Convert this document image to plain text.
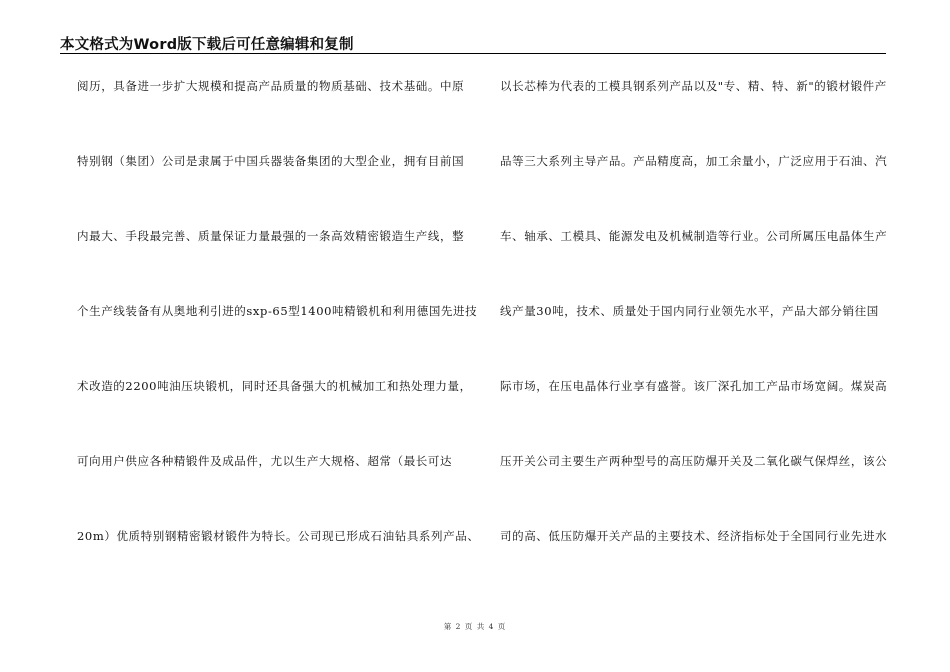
本文格式为Word版下载后可任意编辑和复制
阅历，具备进一步扩大规模和提高产品质量的物质基础、技术基础。中原
特别钢（集团）公司是隶属于中国兵器装备集团的大型企业，拥有目前国
内最大、手段最完善、质量保证力量最强的一条高效精密锻造生产线，整
个生产线装备有从奥地利引进的sxp-65型1400吨精锻机和利用德国先进技
术改造的2200吨油压块锻机，同时还具备强大的机械加工和热处理力量，
可向用户供应各种精锻件及成品件，尤以生产大规格、超常（最长可达
20m）优质特别钢精密锻材锻件为特长。公司现已形成石油钻具系列产品、
以长芯棒为代表的工模具钢系列产品以及"专、精、特、新"的锻材锻件产
品等三大系列主导产品。产品精度高，加工余量小，广泛应用于石油、汽
车、轴承、工模具、能源发电及机械制造等行业。公司所属压电晶体生产
线产量30吨，技术、质量处于国内同行业领先水平，产品大部分销往国
际市场，在压电晶体行业享有盛誉。该厂深孔加工产品市场宽阔。煤炭高
压开关公司主要生产两种型号的高压防爆开关及二氧化碳气保焊丝，该公
司的高、低压防爆开关产品的主要技术、经济指标处于全国同行业先进水
第 2 页 共 4 页
